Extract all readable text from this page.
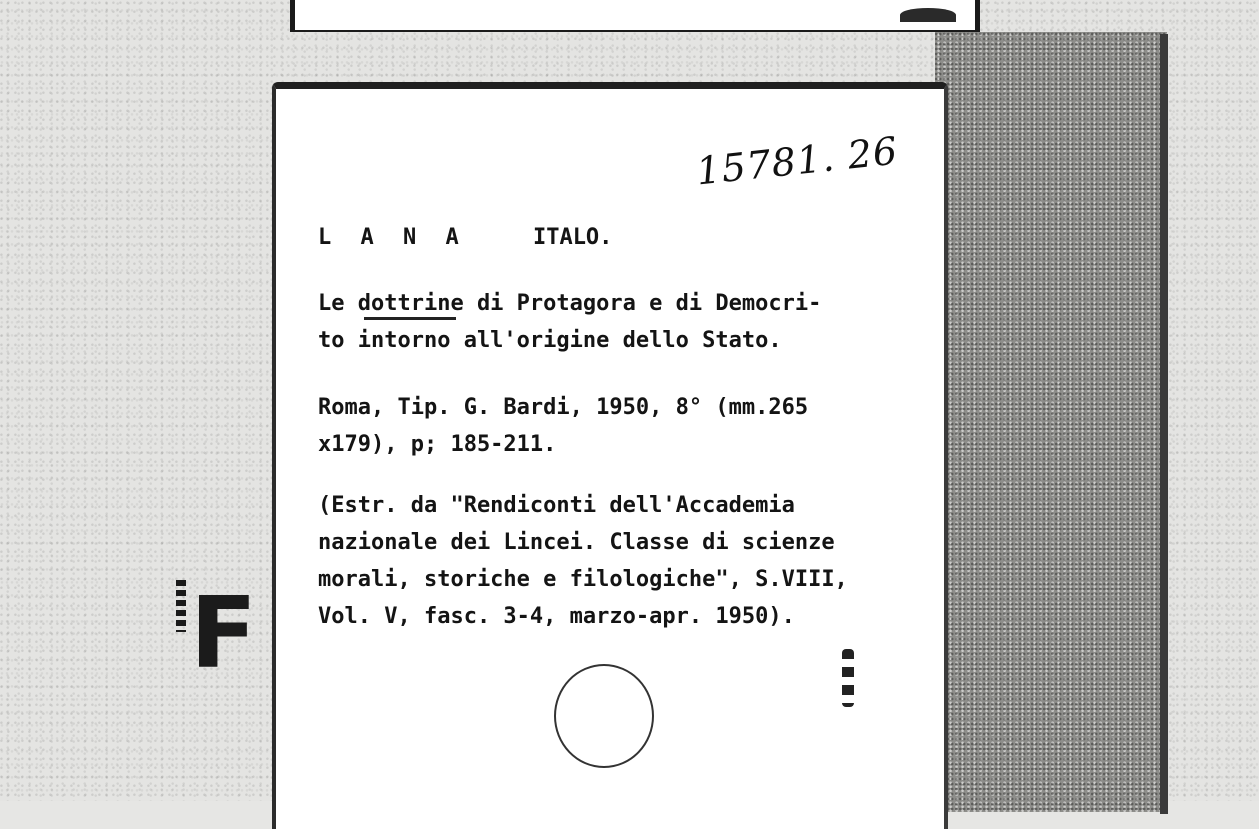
F
15781. 26
L A N A	ITALO.
Le dottrine di Protagora e di Democri-
to intorno all'origine dello Stato.
Roma, Tip. G. Bardi, 1950, 8° (mm.265
x179), p; 185-211.
(Estr. da "Rendiconti dell'Accademia
nazionale dei Lincei. Classe di scienze
morali, storiche e filologiche", S.VIII,
Vol. V, fasc. 3-4, marzo-apr. 1950).
